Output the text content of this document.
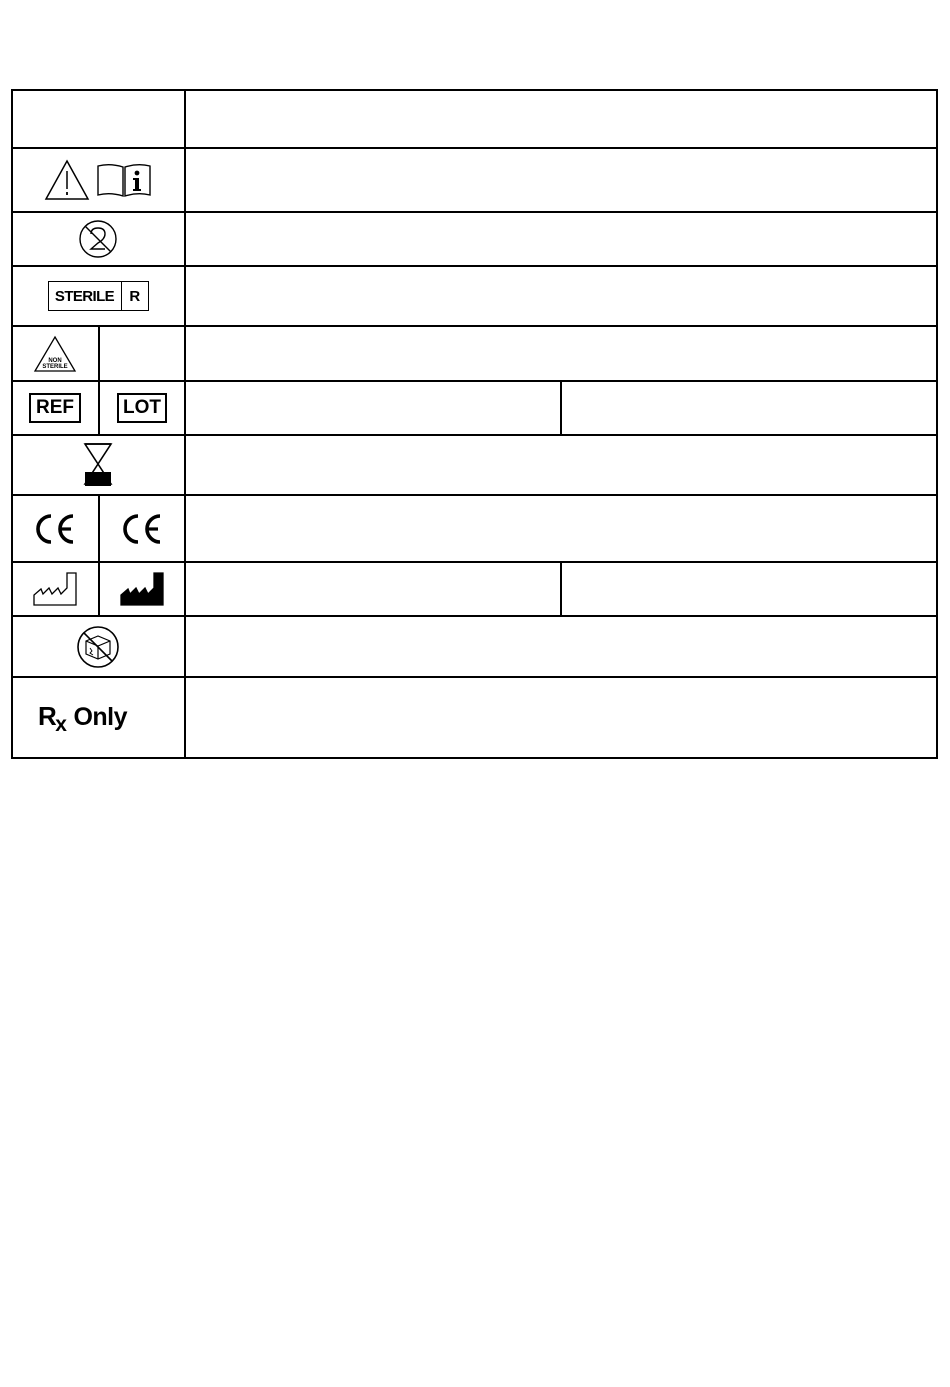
STERILE	R
NON
STERILE
REF	LOT
$R_x$ Only
